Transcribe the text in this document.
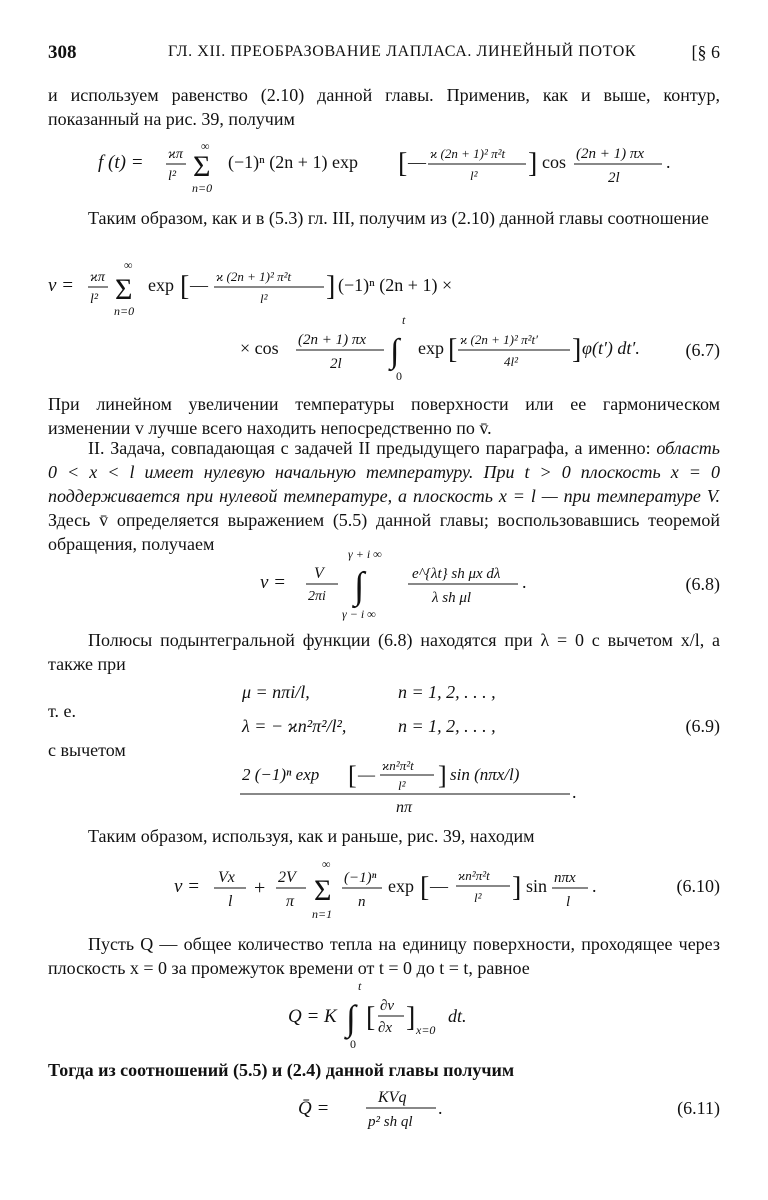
308	ГЛ. XII. ПРЕОБРАЗОВАНИЕ ЛАПЛАСА. ЛИНЕЙНЫЙ ПОТОК	[§ 6

и используем равенство (2.10) данной главы. Применив, как и выше, контур, показанный на рис. 39, получим

f (t) = ϰπ
l²
∞
Σ
n=0
(−1)ⁿ (2n + 1) exp [ — ϰ (2n + 1)² π²t
l² ] cos (2n + 1) πx
2l
.

Таким образом, как и в (5.3) гл. III, получим из (2.10) данной главы соотношение

v = ϰπ
l²
∞
Σ
n=0
exp [ — ϰ (2n + 1)² π²t
l² ] (−1)ⁿ (2n + 1) ×
× cos (2n + 1) πx
2l
t
∫
0
exp [ ϰ (2n + 1)² π²t′
4l² ] φ(t′) dt′.	(6.7)

При линейном увеличении температуры поверхности или ее гармоническом изменении v лучше всего находить непосредственно по v̄.

II. Задача, совпадающая с задачей II предыдущего параграфа, а именно: область 0 < x < l имеет нулевую начальную температуру. При t > 0 плоскость x = 0 поддерживается при нулевой температуре, а плоскость x = l — при температуре V. Здесь v̄ определяется выражением (5.5) данной главы; воспользовавшись теоремой обращения, получаем

v = V
2πi
γ + i ∞
∫
γ − i ∞
e^{λt} sh μx dλ
λ sh μl
.	(6.8)

Полюсы подынтегральной функции (6.8) находятся при λ = 0 с вычетом x/l, а также при

μ = nπi/l,	n = 1, 2, . . . ,
т. е.
λ = − ϰn²π²/l²,	n = 1, 2, . . . ,	(6.9)
с вычетом
2 (−1)ⁿ exp [ — ϰn²π²t
l² ] sin (nπx/l)
nπ
.

Таким образом, используя, как и раньше, рис. 39, находим

v = Vx
l
+ 2V
π
∞
Σ
n=1
(−1)ⁿ
n
exp [ —
ϰn²π²t
l² ] sin nπx
l
.	(6.10)

Пусть Q — общее количество тепла на единицу поверхности, проходящее через плоскость x = 0 за промежуток времени от t = 0 до t = t, равное

Q = K
t
∫
0
[ ∂v
∂x ] x=0
dt.

Тогда из соотношений (5.5) и (2.4) данной главы получим

Q̄ =
KVq
p² sh ql
.	(6.11)
